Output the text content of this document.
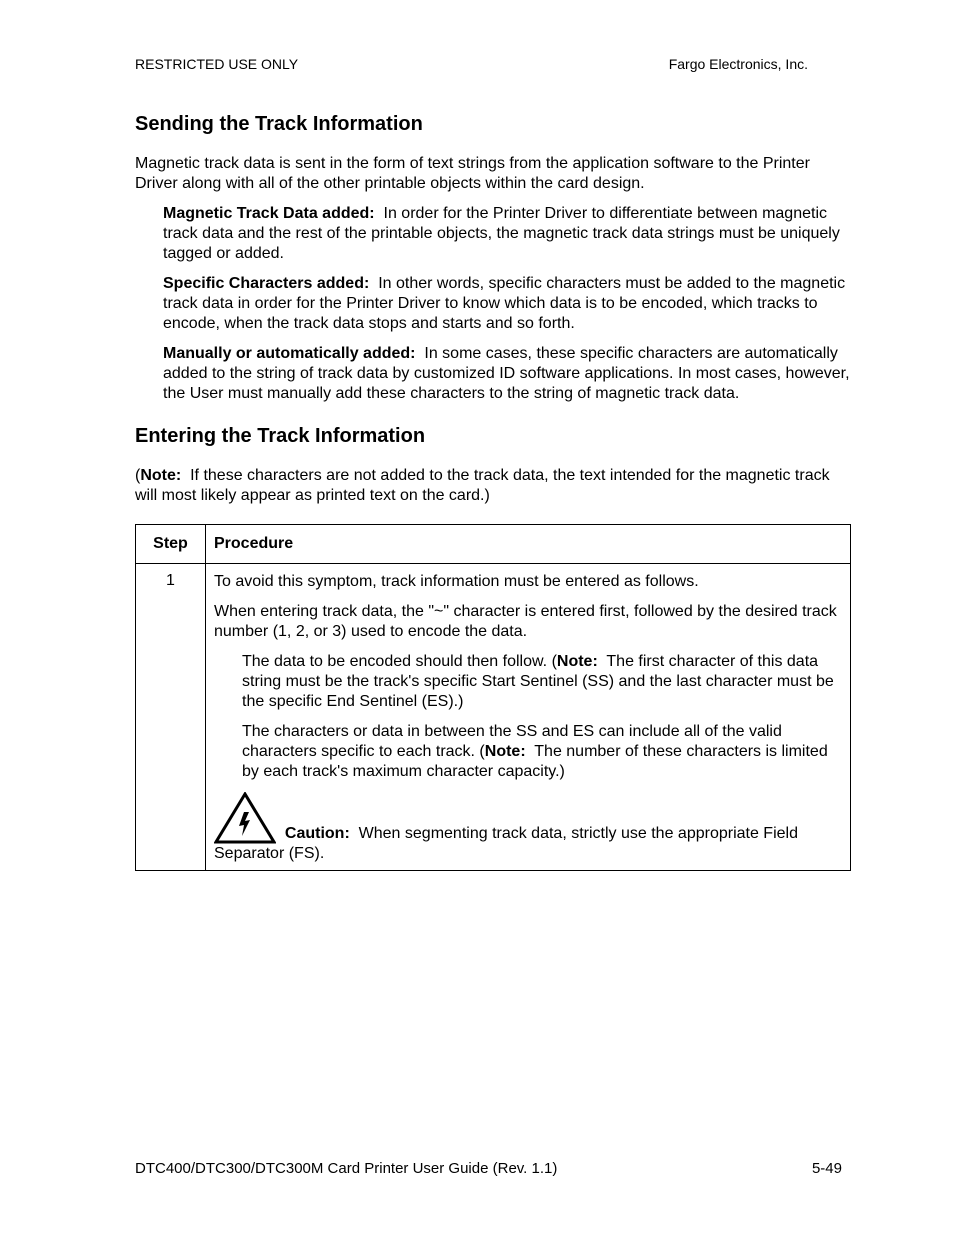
RESTRICTED USE ONLY	Fargo Electronics, Inc.
Sending the Track Information

Magnetic track data is sent in the form of text strings from the application software to the Printer Driver along with all of the other printable objects within the card design.

Magnetic Track Data added: In order for the Printer Driver to differentiate between magnetic track data and the rest of the printable objects, the magnetic track data strings must be uniquely tagged or added.

Specific Characters added: In other words, specific characters must be added to the magnetic track data in order for the Printer Driver to know which data is to be encoded, which tracks to encode, when the track data stops and starts and so forth.

Manually or automatically added: In some cases, these specific characters are automatically added to the string of track data by customized ID software applications. In most cases, however, the User must manually add these characters to the string of magnetic track data.

Entering the Track Information

(Note: If these characters are not added to the track data, the text intended for the magnetic track will most likely appear as printed text on the card.)

Step	Procedure
1	To avoid this symptom, track information must be entered as follows.

When entering track data, the "~" character is entered first, followed by the desired track number (1, 2, or 3) used to encode the data.

The data to be encoded should then follow. (Note: The first character of this data string must be the track's specific Start Sentinel (SS) and the last character must be the specific End Sentinel (ES).)

The characters or data in between the SS and ES can include all of the valid characters specific to each track. (Note: The number of these characters is limited by each track's maximum character capacity.)

Caution: When segmenting track data, strictly use the appropriate Field Separator (FS).

DTC400/DTC300/DTC300M Card Printer User Guide (Rev. 1.1)	5-49
